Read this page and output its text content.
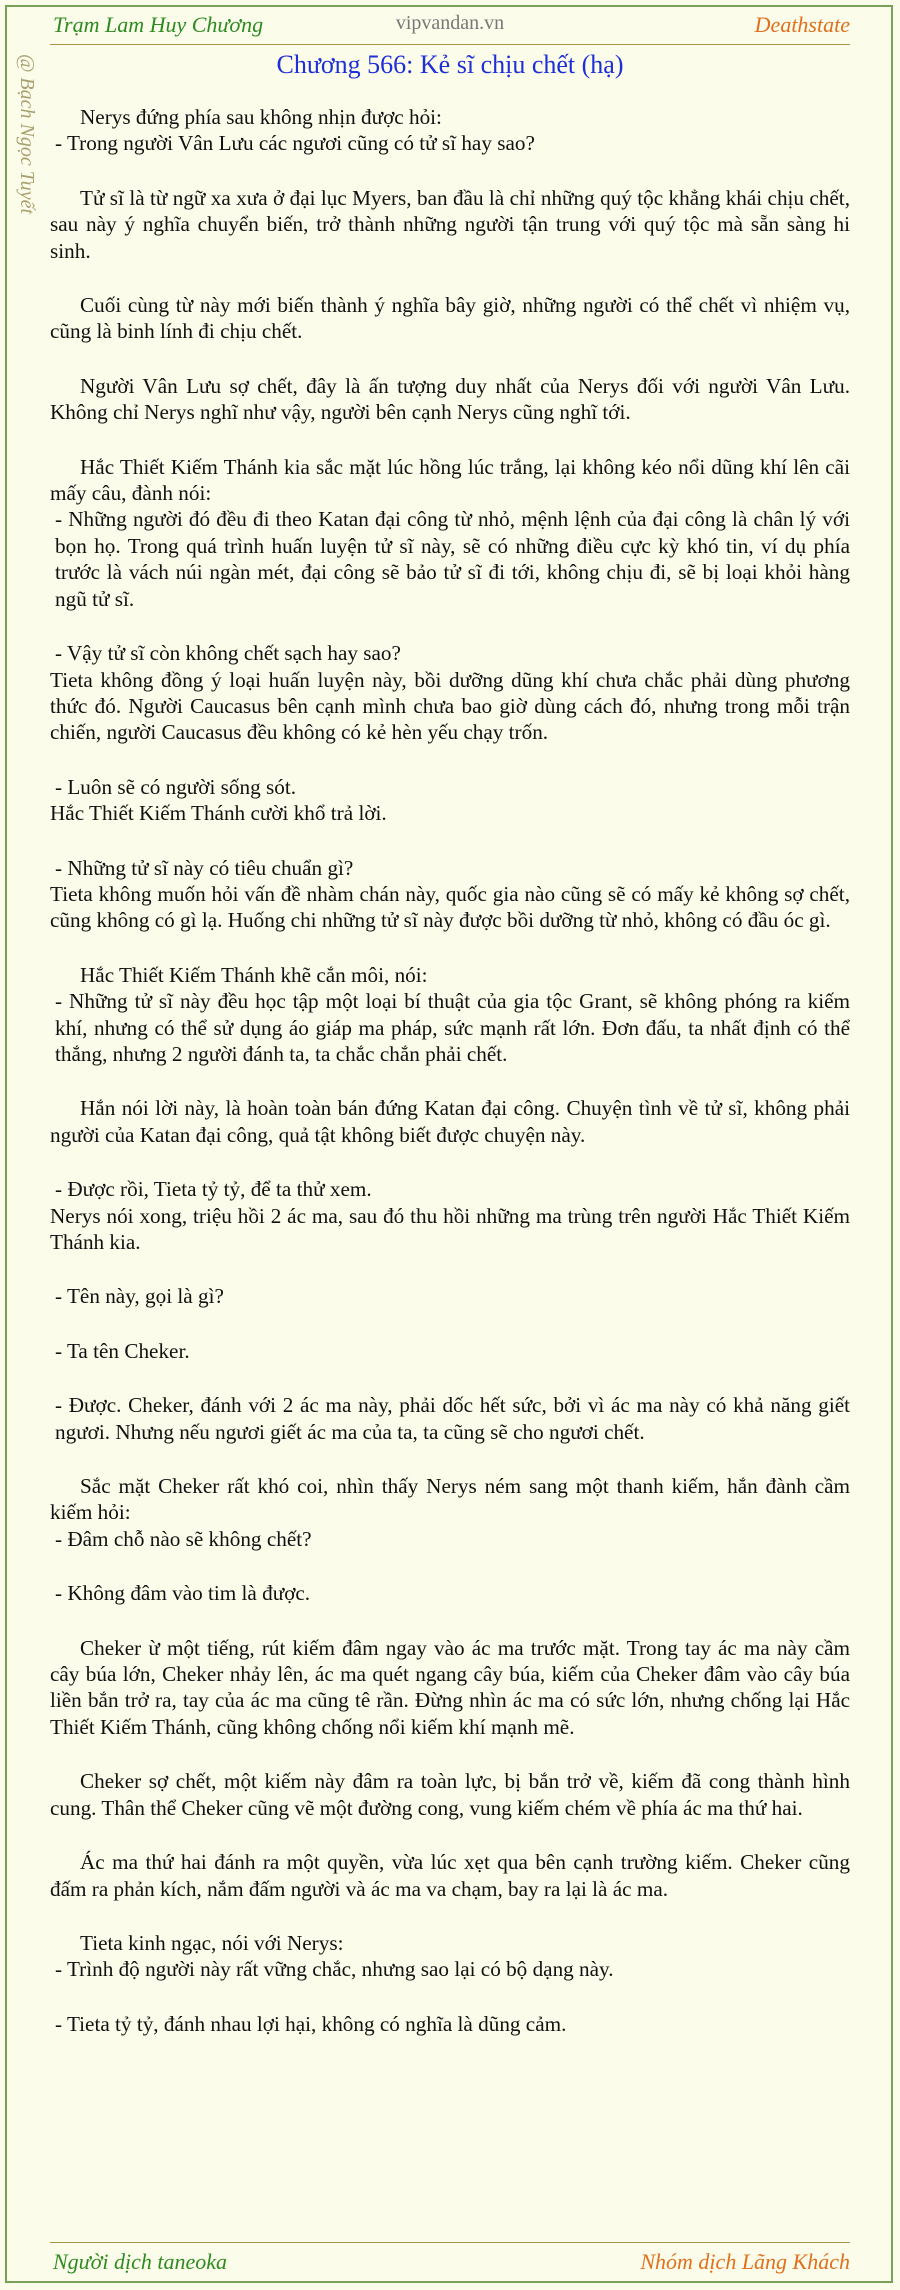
Trạm Lam Huy Chương	vipvandan.vn	Deathstate
@ Bạch Ngọc Tuyết	Chương 566: Kẻ sĩ chịu chết (hạ)

Nerys đứng phía sau không nhịn được hỏi:
- Trong người Vân Lưu các ngươi cũng có tử sĩ hay sao?

Tử sĩ là từ ngữ xa xưa ở đại lục Myers, ban đầu là chỉ những quý tộc khẳng khái chịu chết, sau này ý nghĩa chuyển biến, trở thành những người tận trung với quý tộc mà sẵn sàng hi sinh.

Cuối cùng từ này mới biến thành ý nghĩa bây giờ, những người có thể chết vì nhiệm vụ, cũng là binh lính đi chịu chết.

Người Vân Lưu sợ chết, đây là ấn tượng duy nhất của Nerys đối với người Vân Lưu. Không chỉ Nerys nghĩ như vậy, người bên cạnh Nerys cũng nghĩ tới.

Hắc Thiết Kiếm Thánh kia sắc mặt lúc hồng lúc trắng, lại không kéo nổi dũng khí lên cãi mấy câu, đành nói:
- Những người đó đều đi theo Katan đại công từ nhỏ, mệnh lệnh của đại công là chân lý với bọn họ. Trong quá trình huấn luyện tử sĩ này, sẽ có những điều cực kỳ khó tin, ví dụ phía trước là vách núi ngàn mét, đại công sẽ bảo tử sĩ đi tới, không chịu đi, sẽ bị loại khỏi hàng ngũ tử sĩ.

- Vậy tử sĩ còn không chết sạch hay sao?
Tieta không đồng ý loại huấn luyện này, bồi dưỡng dũng khí chưa chắc phải dùng phương thức đó. Người Caucasus bên cạnh mình chưa bao giờ dùng cách đó, nhưng trong mỗi trận chiến, người Caucasus đều không có kẻ hèn yếu chạy trốn.

- Luôn sẽ có người sống sót.
Hắc Thiết Kiếm Thánh cười khổ trả lời.

- Những tử sĩ này có tiêu chuẩn gì?
Tieta không muốn hỏi vấn đề nhàm chán này, quốc gia nào cũng sẽ có mấy kẻ không sợ chết, cũng không có gì lạ. Huống chi những tử sĩ này được bồi dưỡng từ nhỏ, không có đầu óc gì.

Hắc Thiết Kiếm Thánh khẽ cắn môi, nói:
- Những tử sĩ này đều học tập một loại bí thuật của gia tộc Grant, sẽ không phóng ra kiếm khí, nhưng có thể sử dụng áo giáp ma pháp, sức mạnh rất lớn. Đơn đấu, ta nhất định có thể thắng, nhưng 2 người đánh ta, ta chắc chắn phải chết.

Hắn nói lời này, là hoàn toàn bán đứng Katan đại công. Chuyện tình về tử sĩ, không phải người của Katan đại công, quả tật không biết được chuyện này.

- Được rồi, Tieta tỷ tỷ, để ta thử xem.
Nerys nói xong, triệu hồi 2 ác ma, sau đó thu hồi những ma trùng trên người Hắc Thiết Kiếm Thánh kia.

- Tên này, gọi là gì?

- Ta tên Cheker.

- Được. Cheker, đánh với 2 ác ma này, phải dốc hết sức, bởi vì ác ma này có khả năng giết ngươi. Nhưng nếu ngươi giết ác ma của ta, ta cũng sẽ cho ngươi chết.

Sắc mặt Cheker rất khó coi, nhìn thấy Nerys ném sang một thanh kiếm, hắn đành cầm kiếm hỏi:
- Đâm chỗ nào sẽ không chết?

- Không đâm vào tim là được.

Cheker ừ một tiếng, rút kiếm đâm ngay vào ác ma trước mặt. Trong tay ác ma này cầm cây búa lớn, Cheker nhảy lên, ác ma quét ngang cây búa, kiếm của Cheker đâm vào cây búa liền bắn trở ra, tay của ác ma cũng tê rần. Đừng nhìn ác ma có sức lớn, nhưng chống lại Hắc Thiết Kiếm Thánh, cũng không chống nổi kiếm khí mạnh mẽ.

Cheker sợ chết, một kiếm này đâm ra toàn lực, bị bắn trở về, kiếm đã cong thành hình cung. Thân thể Cheker cũng vẽ một đường cong, vung kiếm chém về phía ác ma thứ hai.

Ác ma thứ hai đánh ra một quyền, vừa lúc xẹt qua bên cạnh trường kiếm. Cheker cũng đấm ra phản kích, nắm đấm người và ác ma va chạm, bay ra lại là ác ma.

Tieta kinh ngạc, nói với Nerys:
- Trình độ người này rất vững chắc, nhưng sao lại có bộ dạng này.

- Tieta tỷ tỷ, đánh nhau lợi hại, không có nghĩa là dũng cảm.

Người dịch taneoka	Nhóm dịch Lãng Khách
